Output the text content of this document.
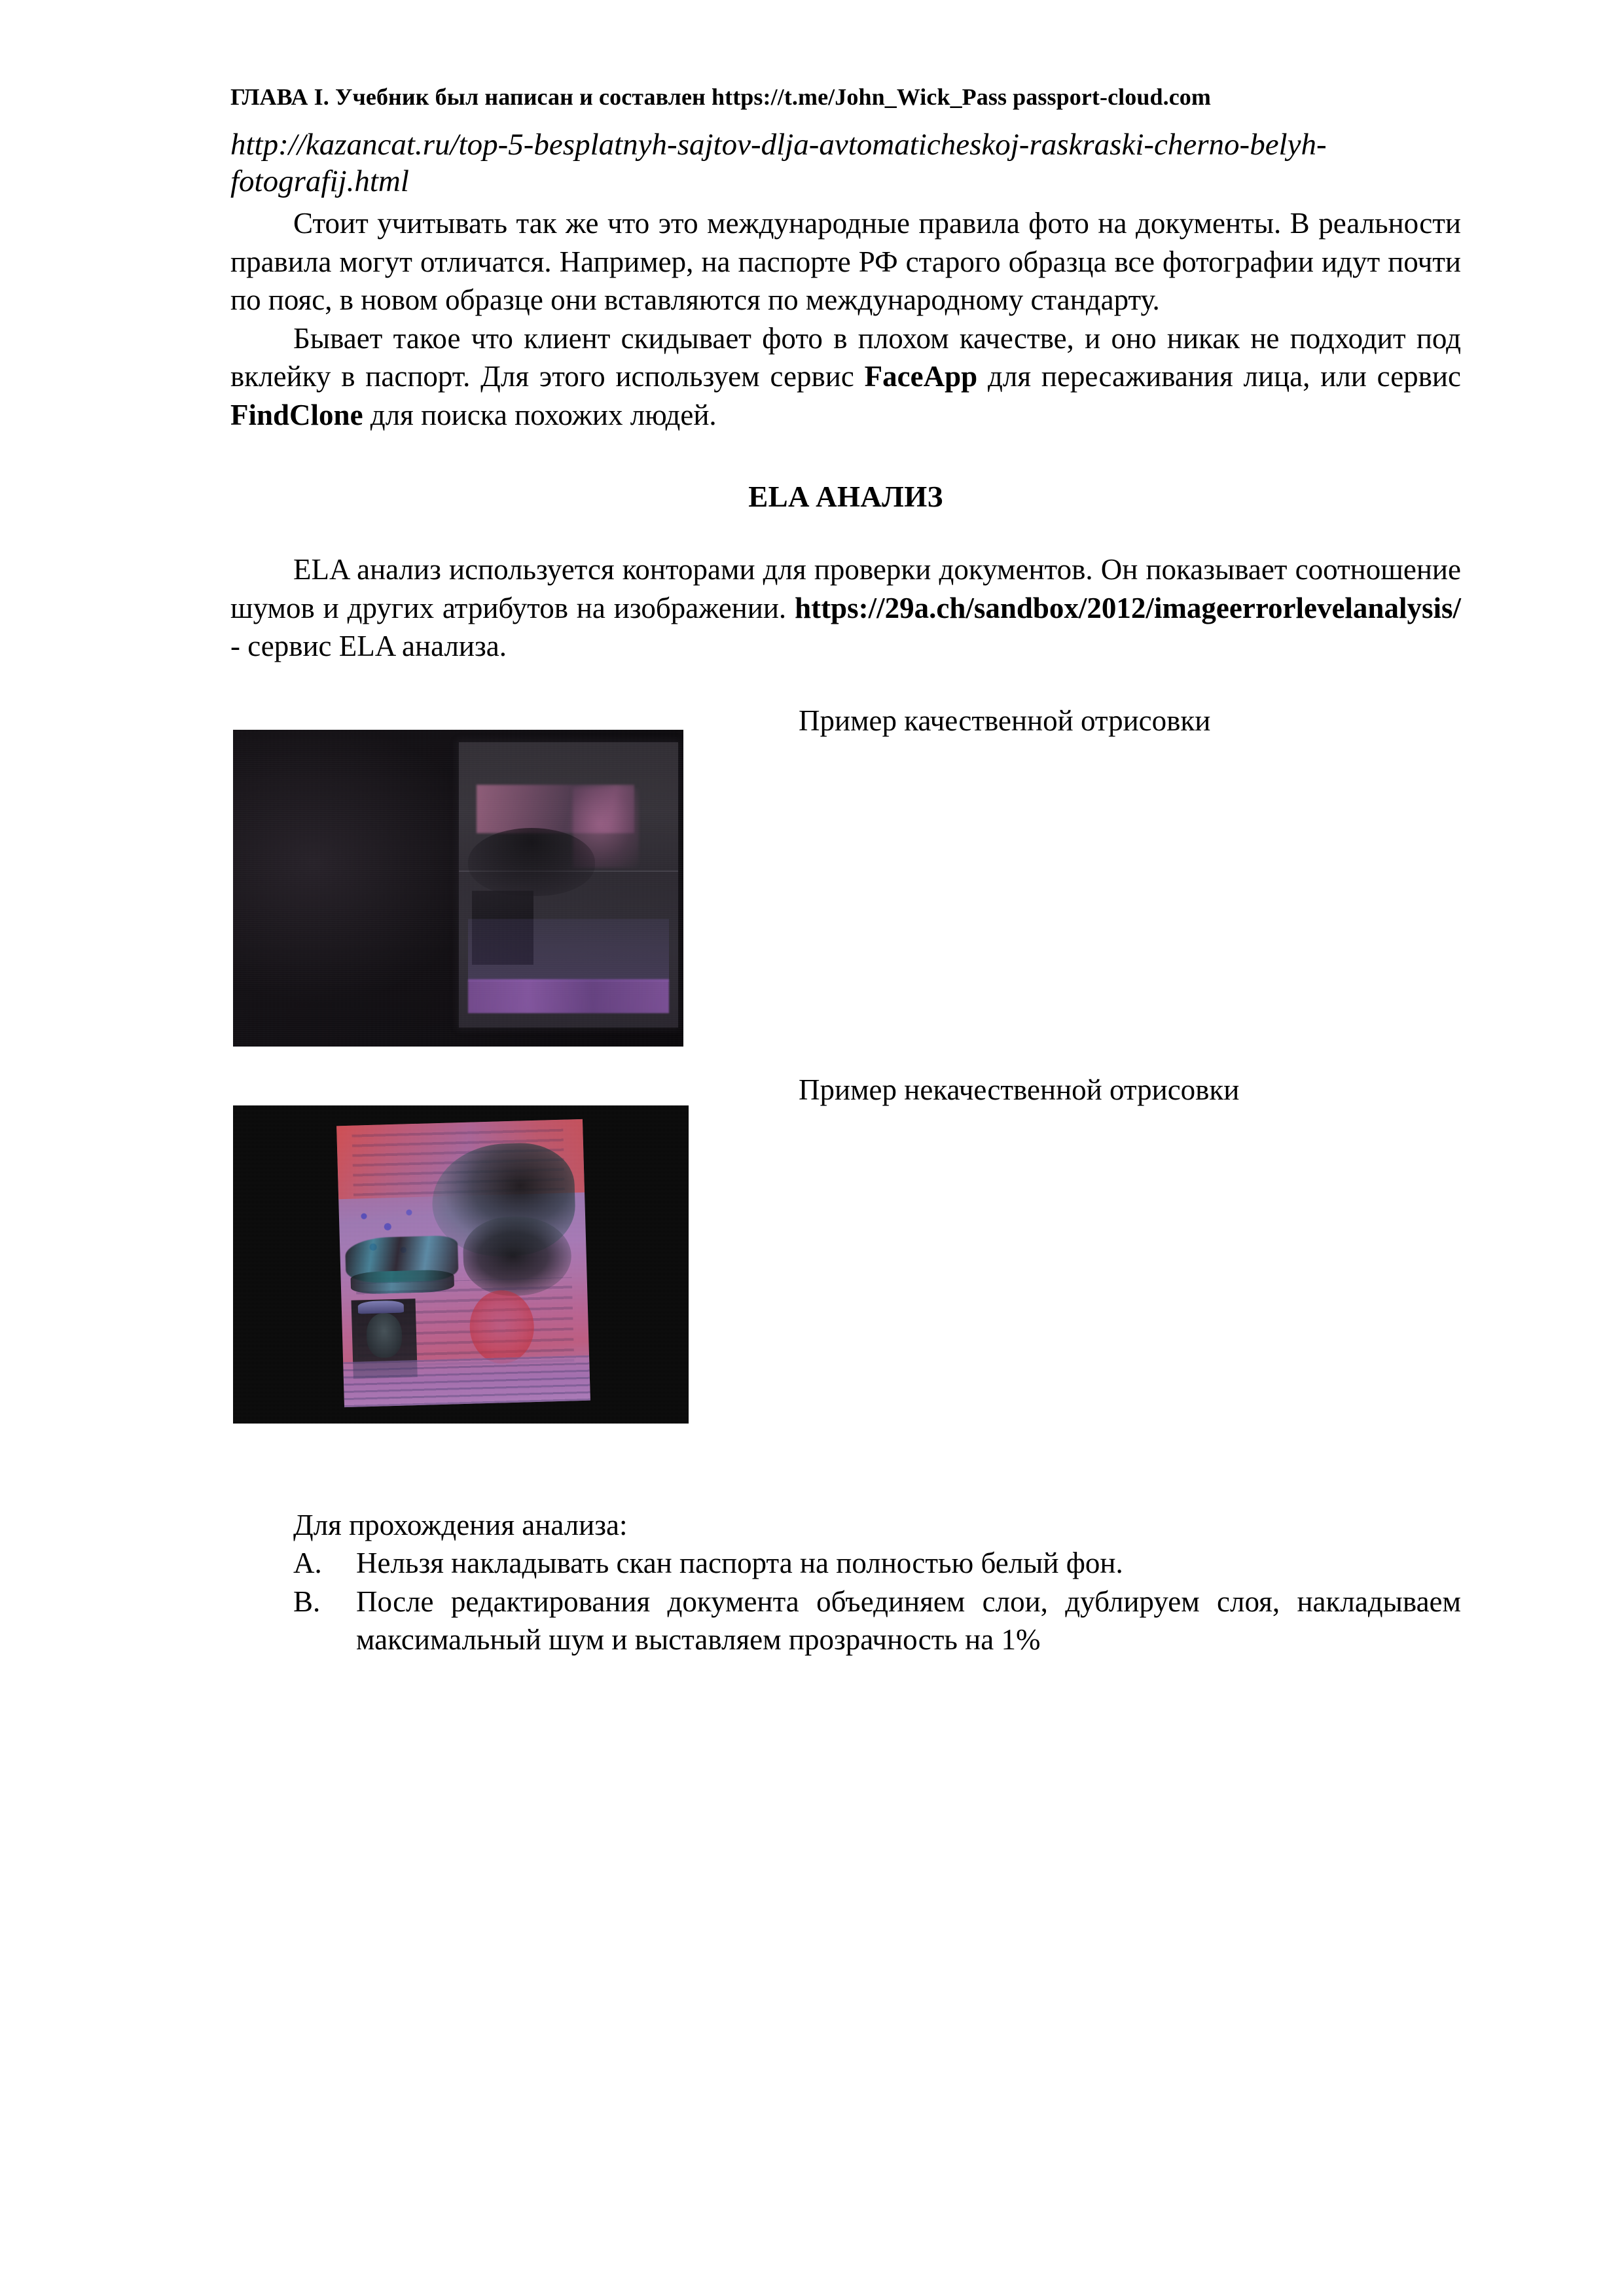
ГЛАВА I. Учебник был написан и составлен https://t.me/John_Wick_Pass passport-cloud.com
http://kazancat.ru/top-5-besplatnyh-sajtov-dlja-avtomaticheskoj-raskraski-cherno-belyh-fotografij.html

Стоит учитывать так же что это международные правила фото на документы. В реальности правила могут отличатся. Например, на паспорте РФ старого образца все фотографии идут почти по пояс, в новом образце они вставляются по международному стандарту.

Бывает такое что клиент скидывает фото в плохом качестве, и оно никак не подходит под вклейку в паспорт. Для этого используем сервис FaceApp для пересаживания лица, или сервис FindClone для поиска похожих людей.

ELA АНАЛИЗ

ELA анализ используется конторами для проверки документов. Он показывает соотношение шумов и других атрибутов на изображении. https://29a.ch/sandbox/2012/imageerrorlevelanalysis/ - сервис ELA анализа.

Пример качественной отрисовки
Пример некачественной отрисовки

Для прохождения анализа:

A.	Нельзя накладывать скан паспорта на полностью белый фон.
B.	После редактирования документа объединяем слои, дублируем слоя, накладываем максимальный шум и выставляем прозрачность на 1%
